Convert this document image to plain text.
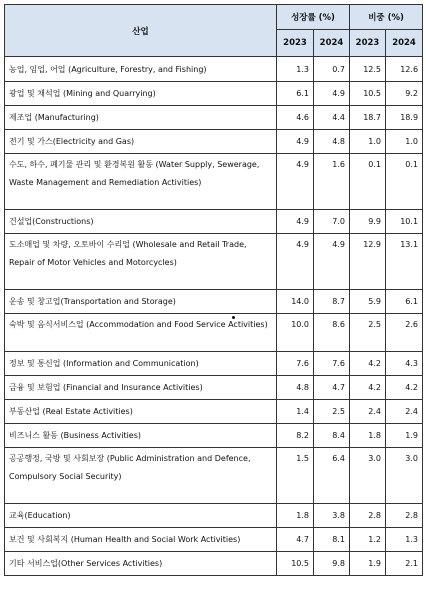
산업	성장률 (%)		비중 (%)	
	2023	2024	2023	2024
농업, 임업, 어업 (Agriculture, Forestry, and Fishing)	1.3	0.7	12.5	12.6
광업 및 채석업 (Mining and Quarrying)	6.1	4.9	10.5	9.2
제조업 (Manufacturing)	4.6	4.4	18.7	18.9
전기 및 가스(Electricity and Gas)	4.9	4.8	1.0	1.0
수도, 하수, 폐기물 관리 및 환경복원 활동 (Water Supply, Sewerage, Waste Management and Remediation Activities)	4.9	1.6	0.1	0.1
건설업(Constructions)	4.9	7.0	9.9	10.1
도소매업 및 차량, 오토바이 수리업 (Wholesale and Retail Trade, Repair of Motor Vehicles and Motorcycles)	4.9	4.9	12.9	13.1
운송 및 창고업(Transportation and Storage)	14.0	8.7	5.9	6.1
숙박 및 음식서비스업 (Accommodation and Food Service Activities)	10.0	8.6	2.5	2.6
정보 및 통신업 (Information and Communication)	7.6	7.6	4.2	4.3
금융 및 보험업 (Financial and Insurance Activities)	4.8	4.7	4.2	4.2
부동산업 (Real Estate Activities)	1.4	2.5	2.4	2.4
비즈니스 활동 (Business Activities)	8.2	8.4	1.8	1.9
공공행정, 국방 및 사회보장 (Public Administration and Defence, Compulsory Social Security)	1.5	6.4	3.0	3.0
교육(Education)	1.8	3.8	2.8	2.8
보건 및 사회복지 (Human Health and Social Work Activities)	4.7	8.1	1.2	1.3
기타 서비스업(Other Services Activities)	10.5	9.8	1.9	2.1
